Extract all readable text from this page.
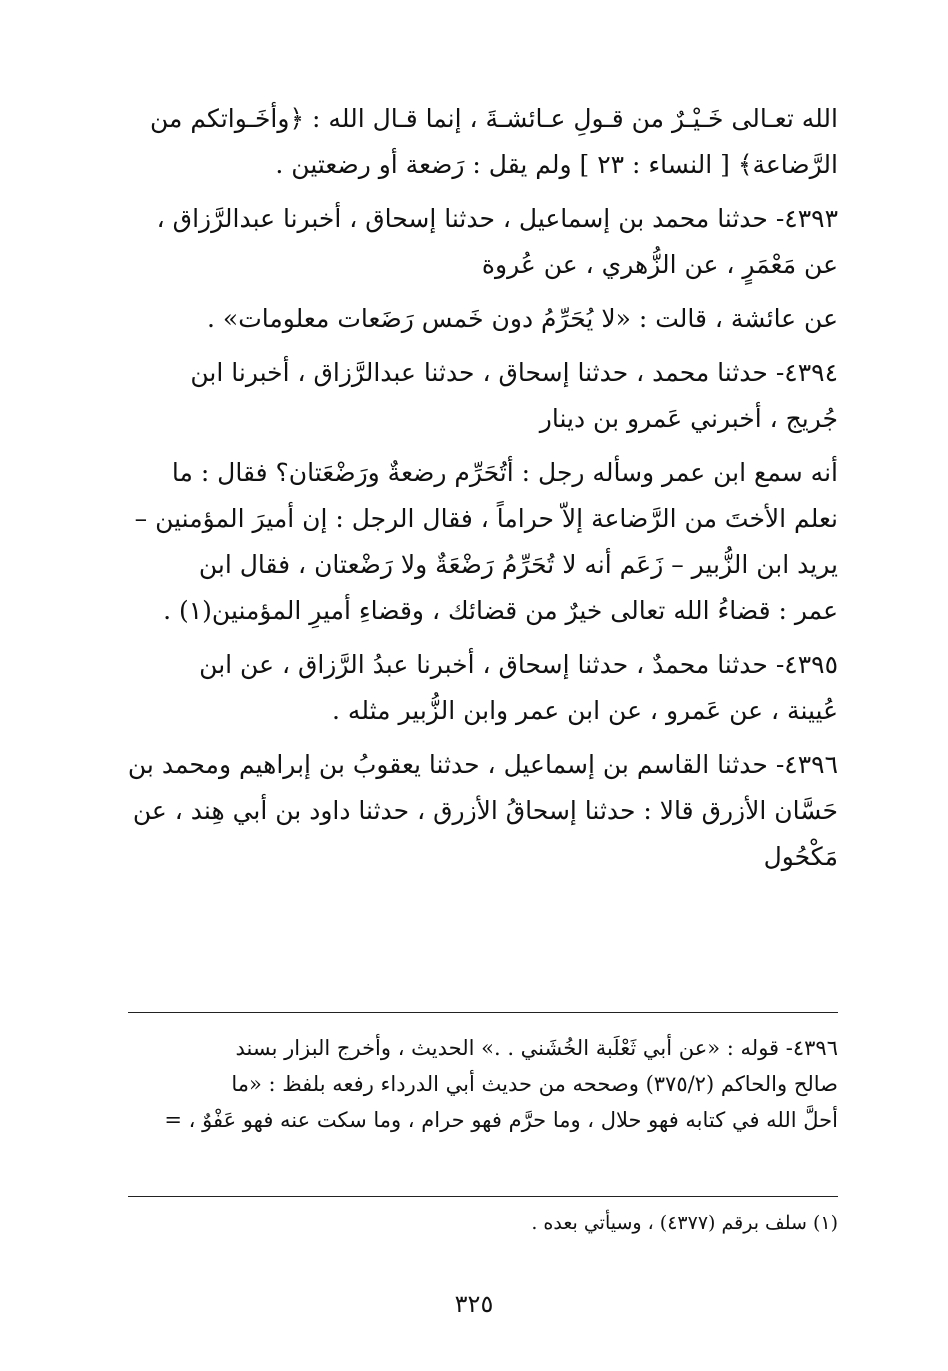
الله تعـالى خَـيْـرٌ من قـولِ عـائشـةَ ، إنما قـال الله : ﴿وأخَـواتكم من
الرَّضاعة﴾ [ النساء : ٢٣ ] ولم يقل : رَضعة أو رضعتين .
٤٣٩٣- حدثنا محمد بن إسماعيل ، حدثنا إسحاق ، أخبرنا عبدالرَّزاق ،
عن مَعْمَرٍ ، عن الزُّهري ، عن عُروة
عن عائشة ، قالت : «لا يُحَرِّمُ دون خَمس رَضَعات معلومات» .
٤٣٩٤- حدثنا محمد ، حدثنا إسحاق ، حدثنا عبدالرَّزاق ، أخبرنا ابن
جُريج ، أخبرني عَمرو بن دينار
أنه سمع ابن عمر وسأله رجل : أتُحَرِّم رضعةٌ ورَضْعَتان؟ فقال : ما
نعلم الأختَ من الرَّضاعة إلاّ حراماً ، فقال الرجل : إن أميرَ المؤمنين –
يريد ابن الزُّبير – زَعَم أنه لا تُحَرِّمُ رَضْعَةٌ ولا رَضْعتان ، فقال ابن
عمر : قضاءُ الله تعالى خيرٌ من قضائك ، وقضاءِ أميرِ المؤمنين(١) .
٤٣٩٥- حدثنا محمدٌ ، حدثنا إسحاق ، أخبرنا عبدُ الرَّزاق ، عن ابن
عُيينة ، عن عَمرو ، عن ابن عمر وابن الزُّبير مثله .
٤٣٩٦- حدثنا القاسم بن إسماعيل ، حدثنا يعقوبُ بن إبراهيم ومحمد بن
حَسَّان الأزرق قالا : حدثنا إسحاقُ الأزرق ، حدثنا داود بن أبي هِند ، عن
مَكْحُول
٤٣٩٦- قوله : «عن أبي ثَعْلَبة الخُشَني . .» الحديث ، وأخرج البزار بسند
صالح والحاكم (٣٧٥/٢) وصححه من حديث أبي الدرداء رفعه بلفظ : «ما
أحلَّ الله في كتابه فهو حلال ، وما حرَّم فهو حرام ، وما سكت عنه فهو عَفْوٌ ، =
(١) سلف برقم (٤٣٧٧) ، وسيأتي بعده .
٣٢٥
